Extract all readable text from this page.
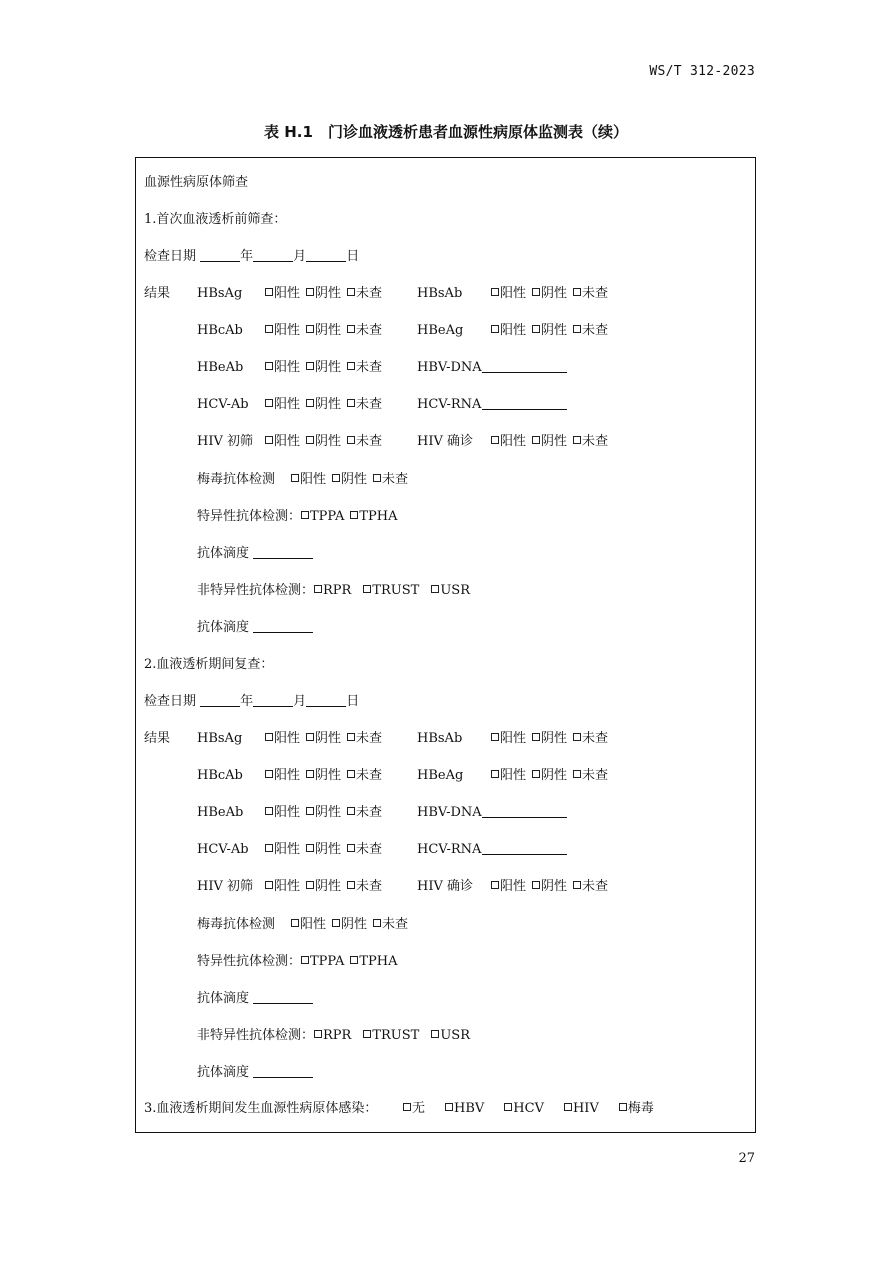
WS/T 312-2023
表 H.1　门诊血液透析患者血源性病原体监测表（续）
血源性病原体筛查
1.首次血液透析前筛查：
检查日期	年	月	日
结果 HBsAg	阳性 阴性 未查	HBsAb	阳性 阴性 未查
HBcAb	阳性 阴性 未查	HBeAg	阳性 阴性 未查
HBeAb	阳性 阴性 未查	HBV-DNA
HCV-Ab	阳性 阴性 未查	HCV-RNA
HIV 初筛	阳性 阴性 未查	HIV 确诊	阳性 阴性 未查
梅毒抗体检测	阳性 阴性 未查
特异性抗体检测： TPPA TPHA
抗体滴度
非特异性抗体检测： RPR TRUST USR
抗体滴度
2.血液透析期间复查：
检查日期	年	月	日
结果 HBsAg	阳性 阴性 未查	HBsAb	阳性 阴性 未查
HBcAb	阳性 阴性 未查	HBeAg	阳性 阴性 未查
HBeAb	阳性 阴性 未查	HBV-DNA
HCV-Ab	阳性 阴性 未查	HCV-RNA
HIV 初筛	阳性 阴性 未查	HIV 确诊	阳性 阴性 未查
梅毒抗体检测	阳性 阴性 未查
特异性抗体检测： TPPA TPHA
抗体滴度
非特异性抗体检测： RPR TRUST USR
抗体滴度
3.血液透析期间发生血源性病原体感染：	无 HBV HCV HIV 梅毒
27
